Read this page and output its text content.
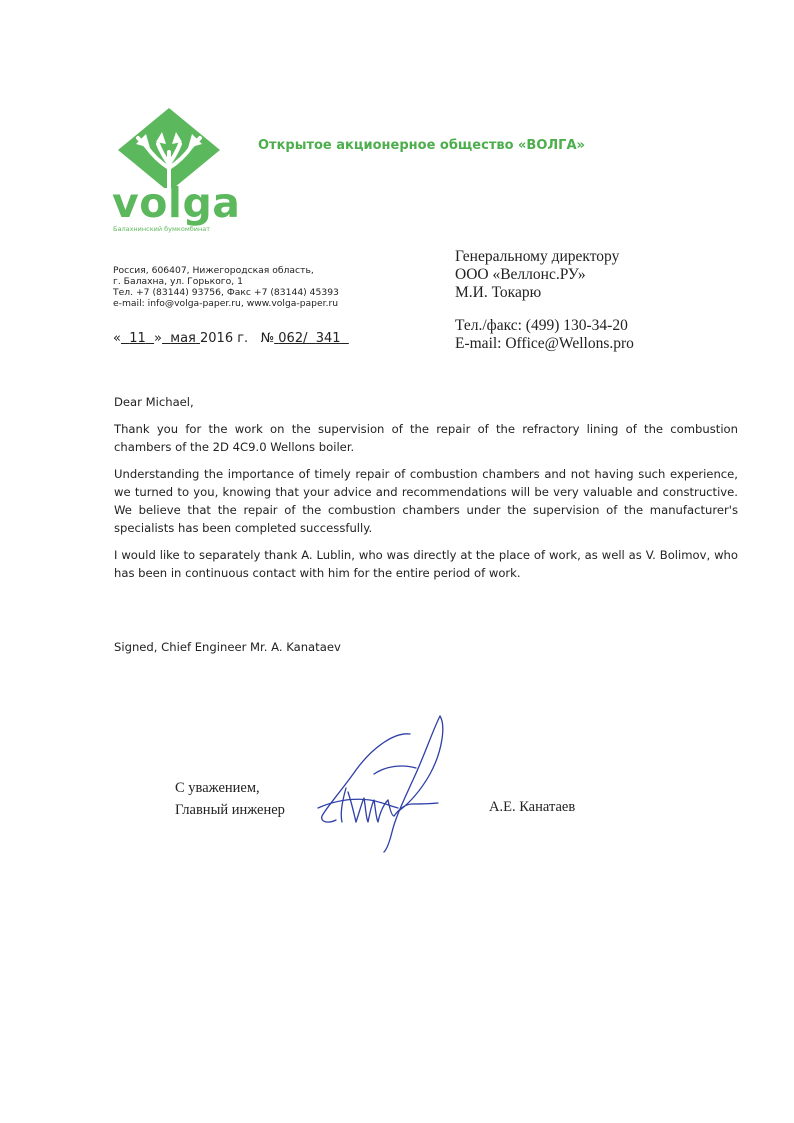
volga
Балахнинский бумкомбинат
Открытое акционерное общество «ВОЛГА»
Россия, 606407, Нижегородская область,
г. Балахна, ул. Горького, 1
Тел. +7 (83144) 93756, Факс +7 (83144) 45393
e-mail: info@volga-paper.ru, www.volga-paper.ru
« 11 » мая 2016 г. № 062/ 341
Генеральному директору
ООО «Веллонс.РУ»
М.И. Токарю
Тел./факс: (499) 130-34-20
E-mail: Office@Wellons.pro

Dear Michael,

Thank you for the work on the supervision of the repair of the refractory lining of the combustion chambers of the 2D 4C9.0 Wellons boiler.

Understanding the importance of timely repair of combustion chambers and not having such experience, we turned to you, knowing that your advice and recommendations will be very valuable and constructive. We believe that the repair of the combustion chambers under the supervision of the manufacturer's specialists has been completed successfully.

I would like to separately thank A. Lublin, who was directly at the place of work, as well as V. Bolimov, who has been in continuous contact with him for the entire period of work.

Signed, Chief Engineer Mr. A. Kanataev
С уважением,
Главный инженер	А.Е. Канатаев
